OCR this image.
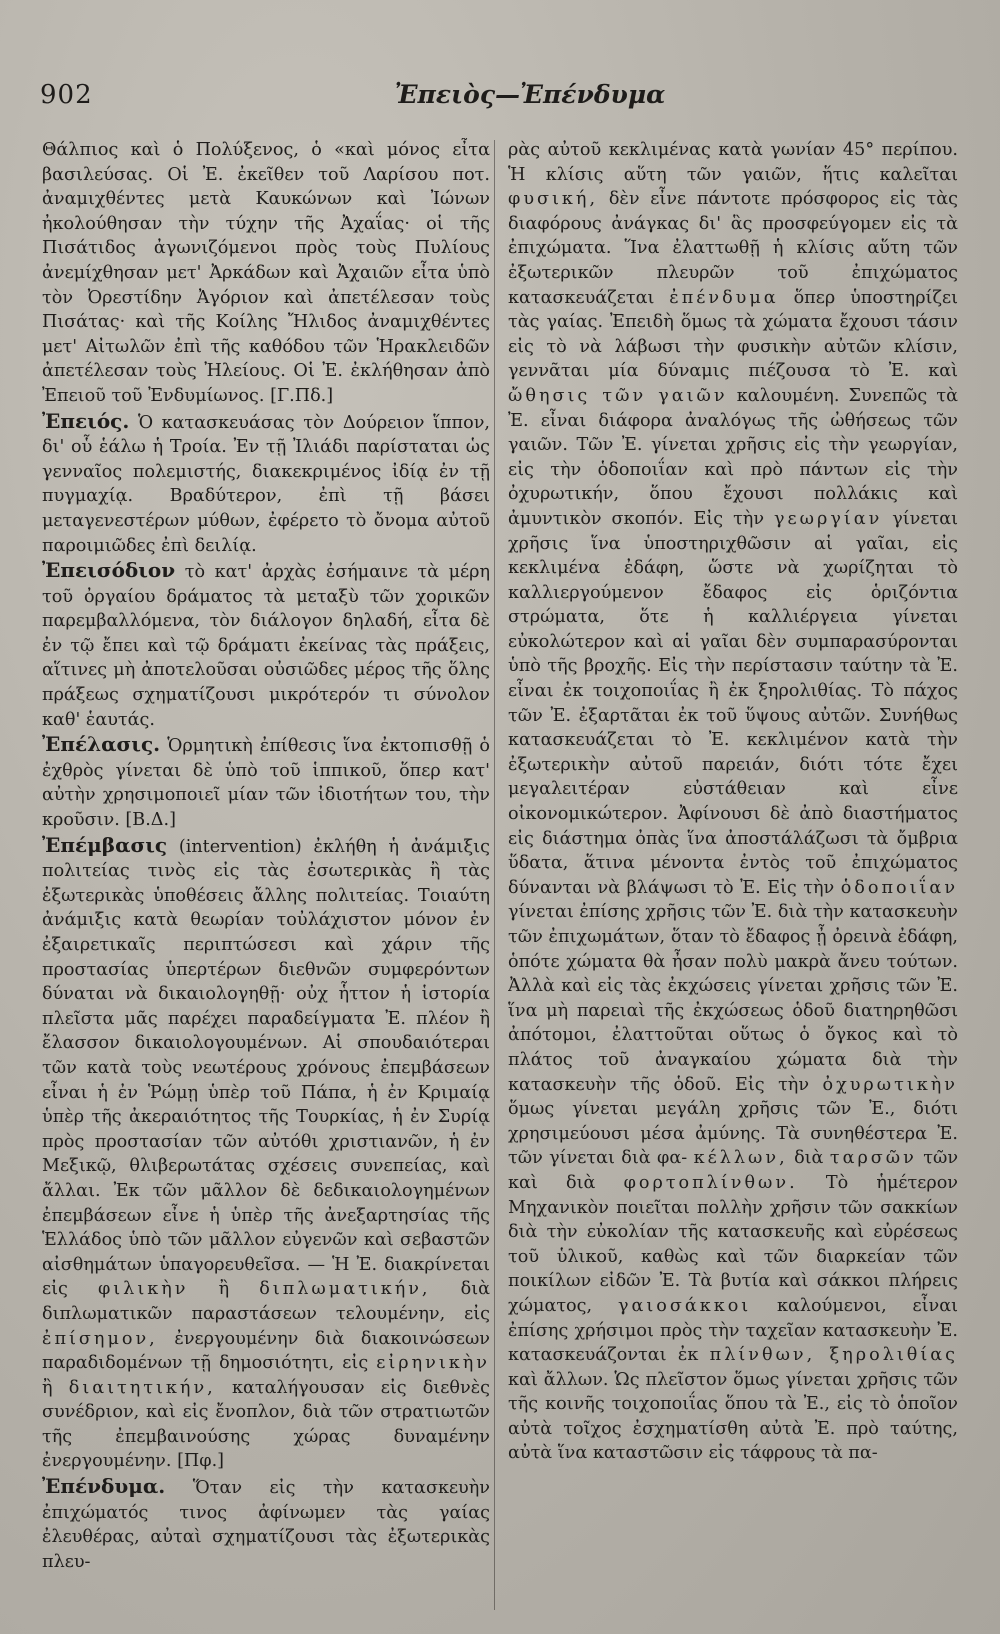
902	Ἐπειὸς—Ἐπένδυμα

Θάλπιος καὶ ὁ Πολύξενος, ὁ «καὶ μόνος εἶτα βασιλεύσας. Οἱ Ἐ. ἐκεῖθεν τοῦ Λαρίσου ποτ. ἀναμιχθέντες μετὰ Καυκώνων καὶ Ἰώνων ἠκολούθησαν τὴν τύχην τῆς Ἀχαΐας· οἱ τῆς Πισάτιδος ἀγωνιζόμενοι πρὸς τοὺς Πυλίους ἀνεμίχθησαν μετ' Ἀρκάδων καὶ Ἀχαιῶν εἶτα ὑπὸ τὸν Ὀρεστίδην Ἀγόριον καὶ ἀπετέλεσαν τοὺς Πισάτας· καὶ τῆς Κοίλης Ἤλιδος ἀναμιχθέντες μετ' Αἰτωλῶν ἐπὶ τῆς καθόδου τῶν Ἡρακλειδῶν ἀπετέλεσαν τοὺς Ἠλείους. Οἱ Ἐ. ἐκλήθησαν ἀπὸ Ἐπειοῦ τοῦ Ἐνδυμίωνος. [Γ.Πδ.]

Ἐπειός. Ὁ κατασκευάσας τὸν Δούρειον ἵππον, δι' οὗ ἑάλω ἡ Τροία. Ἐν τῇ Ἰλιάδι παρίσταται ὡς γενναῖος πολεμιστής, διακεκριμένος ἰδίᾳ ἐν τῇ πυγμαχίᾳ. Βραδύτερον, ἐπὶ τῇ βάσει μεταγενεστέρων μύθων, ἐφέρετο τὸ ὄνομα αὐτοῦ παροιμιῶδες ἐπὶ δειλίᾳ.

Ἐπεισόδιον τὸ κατ' ἀρχὰς ἐσήμαινε τὰ μέρη τοῦ ὀργαίου δράματος τὰ μεταξὺ τῶν χορικῶν παρεμβαλλόμενα, τὸν διάλογον δηλαδή, εἶτα δὲ ἐν τῷ ἔπει καὶ τῷ δράματι ἐκείνας τὰς πράξεις, αἵτινες μὴ ἀποτελοῦσαι οὐσιῶδες μέρος τῆς ὅλης πράξεως σχηματίζουσι μικρότερόν τι σύνολον καθ' ἑαυτάς.

Ἐπέλασις. Ὁρμητικὴ ἐπίθεσις ἵνα ἐκτοπισθῇ ὁ ἐχθρὸς γίνεται δὲ ὑπὸ τοῦ ἱππικοῦ, ὅπερ κατ' αὐτὴν χρησιμοποιεῖ μίαν τῶν ἰδιοτήτων του, τὴν κροῦσιν. [Β.Δ.]

Ἐπέμβασις (intervention) ἐκλήθη ἡ ἀνάμιξις πολιτείας τινὸς εἰς τὰς ἐσωτερικὰς ἢ τὰς ἐξωτερικὰς ὑποθέσεις ἄλλης πολιτείας. Τοιαύτη ἀνάμιξις κατὰ θεωρίαν τοὐλάχιστον μόνον ἐν ἐξαιρετικαῖς περιπτώσεσι καὶ χάριν τῆς προστασίας ὑπερτέρων διεθνῶν συμφερόντων δύναται νὰ δικαιολογηθῇ· οὐχ ἧττον ἡ ἱστορία πλεῖστα μᾶς παρέχει παραδείγματα Ἐ. πλέον ἢ ἔλασσον δικαιολογουμένων. Αἱ σπουδαιότεραι τῶν κατὰ τοὺς νεωτέρους χρόνους ἐπεμβάσεων εἶναι ἡ ἐν Ῥώμῃ ὑπὲρ τοῦ Πάπα, ἡ ἐν Κριμαίᾳ ὑπὲρ τῆς ἀκεραιότητος τῆς Τουρκίας, ἡ ἐν Συρίᾳ πρὸς προστασίαν τῶν αὐτόθι χριστιανῶν, ἡ ἐν Μεξικῷ, θλιβερωτάτας σχέσεις συνεπείας, καὶ ἄλλαι. Ἐκ τῶν μᾶλλον δὲ δεδικαιολογημένων ἐπεμβάσεων εἶνε ἡ ὑπὲρ τῆς ἀνεξαρτησίας τῆς Ἑλλάδος ὑπὸ τῶν μᾶλλον εὐγενῶν καὶ σεβαστῶν αἰσθημάτων ὑπαγορευθεῖσα. — Ἡ Ἐ. διακρίνεται εἰς φιλικὴν ἢ διπλωματικήν, διὰ διπλωματικῶν παραστάσεων τελουμένην, εἰς ἐπίσημον, ἐνεργουμένην διὰ διακοινώσεων παραδιδομένων τῇ δημοσιότητι, εἰς εἰρηνικὴν ἢ διαιτητικήν, καταλήγουσαν εἰς διεθνὲς συνέδριον, καὶ εἰς ἔνοπλον, διὰ τῶν στρατιωτῶν τῆς ἐπεμβαινούσης χώρας δυναμένην ἐνεργουμένην. [Πφ.]

Ἐπένδυμα. Ὅταν εἰς τὴν κατασκευὴν ἐπιχώματός τινος ἀφίνωμεν τὰς γαίας ἐλευθέρας, αὐταὶ σχηματίζουσι τὰς ἐξωτερικὰς πλευ-

ρὰς αὐτοῦ κεκλιμένας κατὰ γωνίαν 45° περίπου. Ἡ κλίσις αὕτη τῶν γαιῶν, ἥτις καλεῖται φυσική, δὲν εἶνε πάντοτε πρόσφορος εἰς τὰς διαφόρους ἀνάγκας δι' ἃς προσφεύγομεν εἰς τὰ ἐπιχώματα. Ἵνα ἐλαττωθῇ ἡ κλίσις αὕτη τῶν ἐξωτερικῶν πλευρῶν τοῦ ἐπιχώματος κατασκευάζεται ἐπένδυμα ὅπερ ὑποστηρίζει τὰς γαίας. Ἐπειδὴ ὅμως τὰ χώματα ἔχουσι τάσιν εἰς τὸ νὰ λάβωσι τὴν φυσικὴν αὐτῶν κλίσιν, γεννᾶται μία δύναμις πιέζουσα τὸ Ἐ. καὶ ὤθησις τῶν γαιῶν καλουμένη. Συνεπῶς τὰ Ἐ. εἶναι διάφορα ἀναλόγως τῆς ὠθήσεως τῶν γαιῶν. Τῶν Ἐ. γίνεται χρῆσις εἰς τὴν γεωργίαν, εἰς τὴν ὁδοποιΐαν καὶ πρὸ πάντων εἰς τὴν ὀχυρωτικήν, ὅπου ἔχουσι πολλάκις καὶ ἀμυντικὸν σκοπόν. Εἰς τὴν γεωργίαν γίνεται χρῆσις ἵνα ὑποστηριχθῶσιν αἱ γαῖαι, εἰς κεκλιμένα ἐδάφη, ὥστε νὰ χωρίζηται τὸ καλλιεργούμενον ἔδαφος εἰς ὁριζόντια στρώματα, ὅτε ἡ καλλιέργεια γίνεται εὐκολώτερον καὶ αἱ γαῖαι δὲν συμπαρασύρονται ὑπὸ τῆς βροχῆς. Εἰς τὴν περίστασιν ταύτην τὰ Ἐ. εἶναι ἐκ τοιχοποιΐας ἢ ἐκ ξηρολιθίας. Τὸ πάχος τῶν Ἐ. ἐξαρτᾶται ἐκ τοῦ ὕψους αὐτῶν. Συνήθως κατασκευάζεται τὸ Ἐ. κεκλιμένον κατὰ τὴν ἐξωτερικὴν αὐτοῦ παρειάν, διότι τότε ἔχει μεγαλειτέραν εὐστάθειαν καὶ εἶνε οἰκονομικώτερον. Ἀφίνουσι δὲ ἀπὸ διαστήματος εἰς διάστημα ὀπὰς ἵνα ἀποστάλάζωσι τὰ ὄμβρια ὕδατα, ἅτινα μένοντα ἐντὸς τοῦ ἐπιχώματος δύνανται νὰ βλάψωσι τὸ Ἐ. Εἰς τὴν ὁδοποιΐαν γίνεται ἐπίσης χρῆσις τῶν Ἐ. διὰ τὴν κατασκευὴν τῶν ἐπιχωμάτων, ὅταν τὸ ἔδαφος ᾖ ὀρεινὰ ἐδάφη, ὁπότε χώματα θὰ ἦσαν πολὺ μακρὰ ἄνευ τούτων. Ἀλλὰ καὶ εἰς τὰς ἐκχώσεις γίνεται χρῆσις τῶν Ἐ. ἵνα μὴ παρειαὶ τῆς ἐκχώσεως ὁδοῦ διατηρηθῶσι ἀπότομοι, ἐλαττοῦται οὕτως ὁ ὄγκος καὶ τὸ πλάτος τοῦ ἀναγκαίου χώματα διὰ τὴν κατασκευὴν τῆς ὁδοῦ. Εἰς τὴν ὀχυρωτικὴν ὅμως γίνεται μεγάλη χρῆσις τῶν Ἐ., διότι χρησιμεύουσι μέσα ἀμύνης. Τὰ συνηθέστερα Ἐ. τῶν γίνεται διὰ φα- κέλλων, διὰ ταρσῶν τῶν καὶ διὰ φορτοπλίνθων. Τὸ ἡμέτερον Μηχανικὸν ποιεῖται πολλὴν χρῆσιν τῶν σακκίων διὰ τὴν εὐκολίαν τῆς κατασκευῆς καὶ εὐρέσεως τοῦ ὑλικοῦ, καθὼς καὶ τῶν διαρκείαν τῶν ποικίλων εἰδῶν Ἐ. Τὰ βυτία καὶ σάκκοι πλήρεις χώματος, γαιοσάκκοι καλούμενοι, εἶναι ἐπίσης χρήσιμοι πρὸς τὴν ταχεῖαν κατασκευὴν Ἐ. κατασκευάζονται ἐκ πλίνθων, ξηρολιθίας καὶ ἄλλων. Ὡς πλεῖστον ὅμως γίνεται χρῆσις τῶν τῆς κοινῆς τοιχοποιΐας ὅπου τὰ Ἐ., εἰς τὸ ὁποῖον αὐτὰ τοῖχος ἐσχηματίσθη αὐτὰ Ἐ. πρὸ ταύτης, αὐτὰ ἵνα καταστῶσιν εἰς τάφρους τὰ πα-
